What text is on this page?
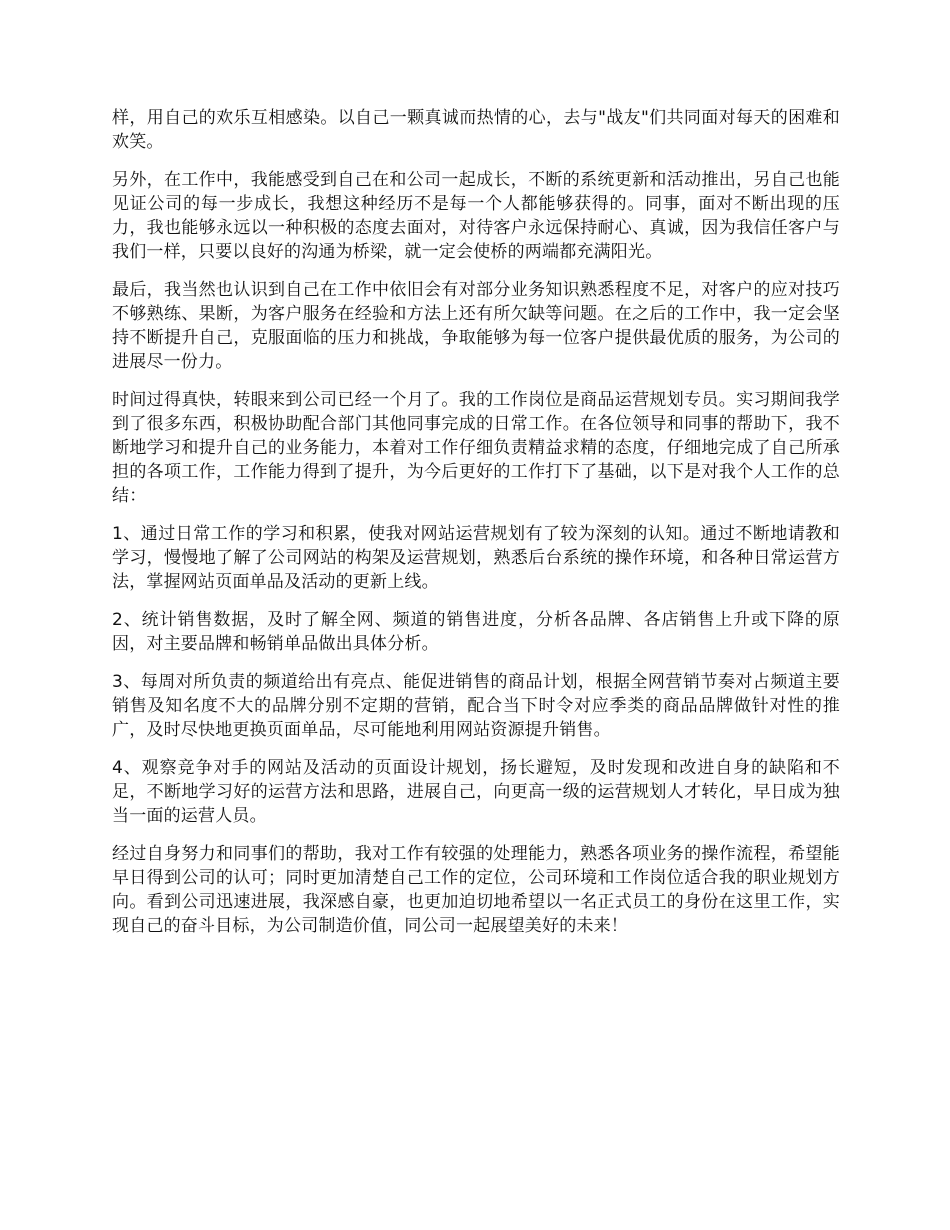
样，用自己的欢乐互相感染。以自己一颗真诚而热情的心，去与"战友"们共同面对每天的困难和欢笑。

另外，在工作中，我能感受到自己在和公司一起成长，不断的系统更新和活动推出，另自己也能见证公司的每一步成长，我想这种经历不是每一个人都能够获得的。同事，面对不断出现的压力，我也能够永远以一种积极的态度去面对，对待客户永远保持耐心、真诚，因为我信任客户与我们一样，只要以良好的沟通为桥梁，就一定会使桥的两端都充满阳光。

最后，我当然也认识到自己在工作中依旧会有对部分业务知识熟悉程度不足，对客户的应对技巧不够熟练、果断，为客户服务在经验和方法上还有所欠缺等问题。在之后的工作中，我一定会坚持不断提升自己，克服面临的压力和挑战，争取能够为每一位客户提供最优质的服务，为公司的进展尽一份力。

时间过得真快，转眼来到公司已经一个月了。我的工作岗位是商品运营规划专员。实习期间我学到了很多东西，积极协助配合部门其他同事完成的日常工作。在各位领导和同事的帮助下，我不断地学习和提升自己的业务能力，本着对工作仔细负责精益求精的态度，仔细地完成了自己所承担的各项工作，工作能力得到了提升，为今后更好的工作打下了基础，以下是对我个人工作的总结：

1、通过日常工作的学习和积累，使我对网站运营规划有了较为深刻的认知。通过不断地请教和学习，慢慢地了解了公司网站的构架及运营规划，熟悉后台系统的操作环境，和各种日常运营方法，掌握网站页面单品及活动的更新上线。

2、统计销售数据，及时了解全网、频道的销售进度，分析各品牌、各店销售上升或下降的原因，对主要品牌和畅销单品做出具体分析。

3、每周对所负责的频道给出有亮点、能促进销售的商品计划，根据全网营销节奏对占频道主要销售及知名度不大的品牌分别不定期的营销，配合当下时令对应季类的商品品牌做针对性的推广，及时尽快地更换页面单品，尽可能地利用网站资源提升销售。

4、观察竞争对手的网站及活动的页面设计规划，扬长避短，及时发现和改进自身的缺陷和不足，不断地学习好的运营方法和思路，进展自己，向更高一级的运营规划人才转化，早日成为独当一面的运营人员。

经过自身努力和同事们的帮助，我对工作有较强的处理能力，熟悉各项业务的操作流程，希望能早日得到公司的认可；同时更加清楚自己工作的定位，公司环境和工作岗位适合我的职业规划方向。看到公司迅速进展，我深感自豪，也更加迫切地希望以一名正式员工的身份在这里工作，实现自己的奋斗目标，为公司制造价值，同公司一起展望美好的未来！
